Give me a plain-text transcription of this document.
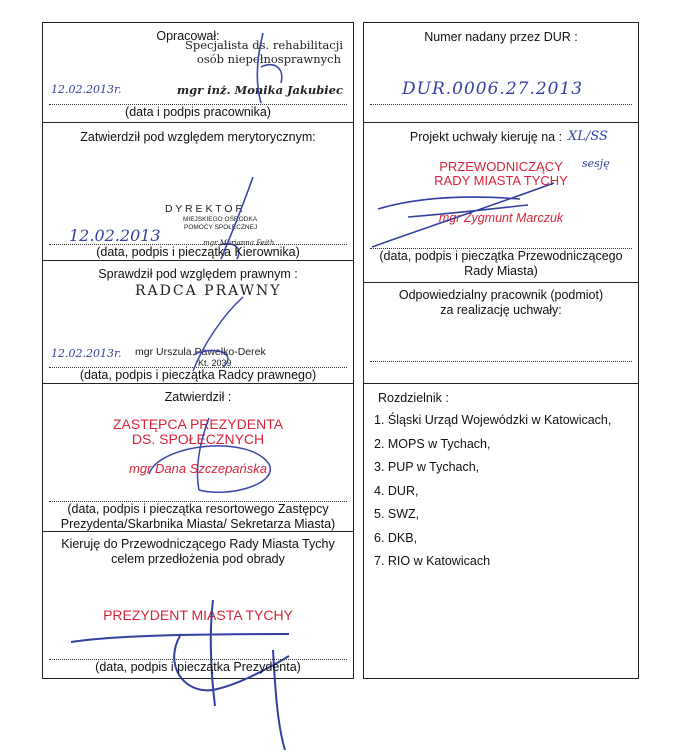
Opracował:
Specjalista ds. rehabilitacji
osób niepełnosprawnych
12.02.2013r.	mgr inż. Monika Jakubiec
(data i podpis pracownika)
Zatwierdził pod względem merytorycznym:
D Y R E K T O R
MIEJSKIEGO OŚRODKA
POMOCY SPOŁECZNEJ
mgr Marianna Feith
12.02.2013
(data, podpis i pieczątka Kierownika)
Sprawdził pod względem prawnym :
RADCA PRAWNY
mgr Urszula Pawełko-Derek
Kt. 2039
12.02.2013r.
(data, podpis i pieczątka Radcy prawnego)
Zatwierdził :
ZASTĘPCA PREZYDENTA
DS. SPOŁECZNYCH
mgr Dana Szczepańska
(data, podpis i pieczątka resortowego Zastępcy
Prezydenta/Skarbnika Miasta/ Sekretarza Miasta)
Kieruję do Przewodniczącego Rady Miasta Tychy
celem przedłożenia pod obrady
PREZYDENT MIASTA TYCHY
(data, podpis i pieczątka Prezydenta)
Numer nadany przez DUR :
DUR.0006.27.2013
Projekt uchwały kieruję na : XL/SS
sesję
PRZEWODNICZĄCY
RADY MIASTA TYCHY
mgr Zygmunt Marczuk
(data, podpis i pieczątka Przewodniczącego
Rady Miasta)
Odpowiedzialny pracownik (podmiot)
za realizację uchwały:
Rozdzielnik :
1. Śląski Urząd Wojewódzki w Katowicach,
2. MOPS w Tychach,
3. PUP w Tychach,
4. DUR,
5. SWZ,
6. DKB,
7. RIO w Katowicach
